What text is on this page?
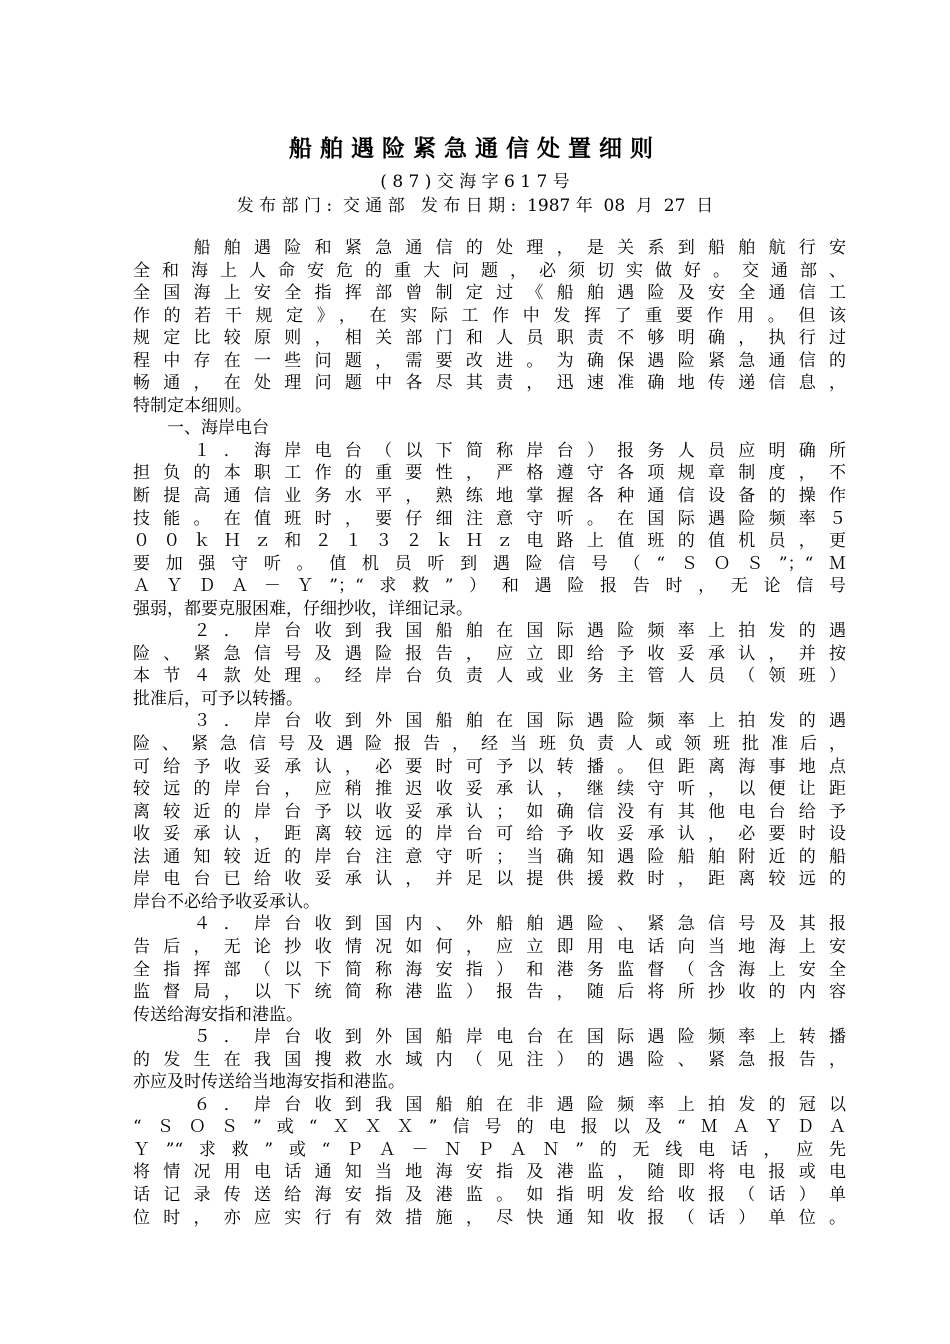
船舶遇险紧急通信处置细则
( 8 7 ) 交 海 字 6 1 7 号
发 布 部 门 :  交 通 部   发 布 日 期 :  1987 年  08  月  27  日
　　船舶遇险和紧急通信的处理，是关系到船舶航行安
全和海上人命安危的重大问题，必须切实做好。交通部、
全国海上安全指挥部曾制定过《船舶遇险及安全通信工
作的若干规定》，在实际工作中发挥了重要作用。但该
规定比较原则，相关部门和人员职责不够明确，执行过
程中存在一些问题，需要改进。为确保遇险紧急通信的
畅通，在处理问题中各尽其责，迅速准确地传递信息，
特制定本细则。
　　一、海岸电台
　　１．海岸电台（以下简称岸台）报务人员应明确所
担负的本职工作的重要性，严格遵守各项规章制度，不
断提高通信业务水平，熟练地掌握各种通信设备的操作
技能。在值班时，要仔细注意守听。在国际遇险频率５
００ｋＨｚ和２１３２ｋＨｚ电路上值班的值机员，更
要加强守听。值机员听到遇险信号（“ＳＯＳ”；“Ｍ
ＡＹＤＡ－Ｙ”；“求救”）和遇险报告时，无论信号
强弱，都要克服困难，仔细抄收，详细记录。
　　２．岸台收到我国船舶在国际遇险频率上拍发的遇
险、紧急信号及遇险报告，应立即给予收妥承认，并按
本节４款处理。经岸台负责人或业务主管人员（领班）
批准后，可予以转播。
　　３．岸台收到外国船舶在国际遇险频率上拍发的遇
险、紧急信号及遇险报告，经当班负责人或领班批准后，
可给予收妥承认，必要时可予以转播。但距离海事地点
较远的岸台，应稍推迟收妥承认，继续守听，以便让距
离较近的岸台予以收妥承认；如确信没有其他电台给予
收妥承认，距离较远的岸台可给予收妥承认，必要时设
法通知较近的岸台注意守听；当确知遇险船舶附近的船
岸电台已给收妥承认，并足以提供援救时，距离较远的
岸台不必给予收妥承认。
　　４．岸台收到国内、外船舶遇险、紧急信号及其报
告后，无论抄收情况如何，应立即用电话向当地海上安
全指挥部（以下简称海安指）和港务监督（含海上安全
监督局，以下统简称港监）报告，随后将所抄收的内容
传送给海安指和港监。
　　５．岸台收到外国船岸电台在国际遇险频率上转播
的发生在我国搜救水域内（见注）的遇险、紧急报告，
亦应及时传送给当地海安指和港监。
　　６．岸台收到我国船舶在非遇险频率上拍发的冠以
“ＳＯＳ”或“ＸＸＸ”信号的电报以及“ＭＡＹＤＡ
Ｙ”“求救”或“ＰＡ－ＮＰＡＮ”的无线电话，应先
将情况用电话通知当地海安指及港监，随即将电报或电
话记录传送给海安指及港监。如指明发给收报（话）单
位时，亦应实行有效措施，尽快通知收报（话）单位。
